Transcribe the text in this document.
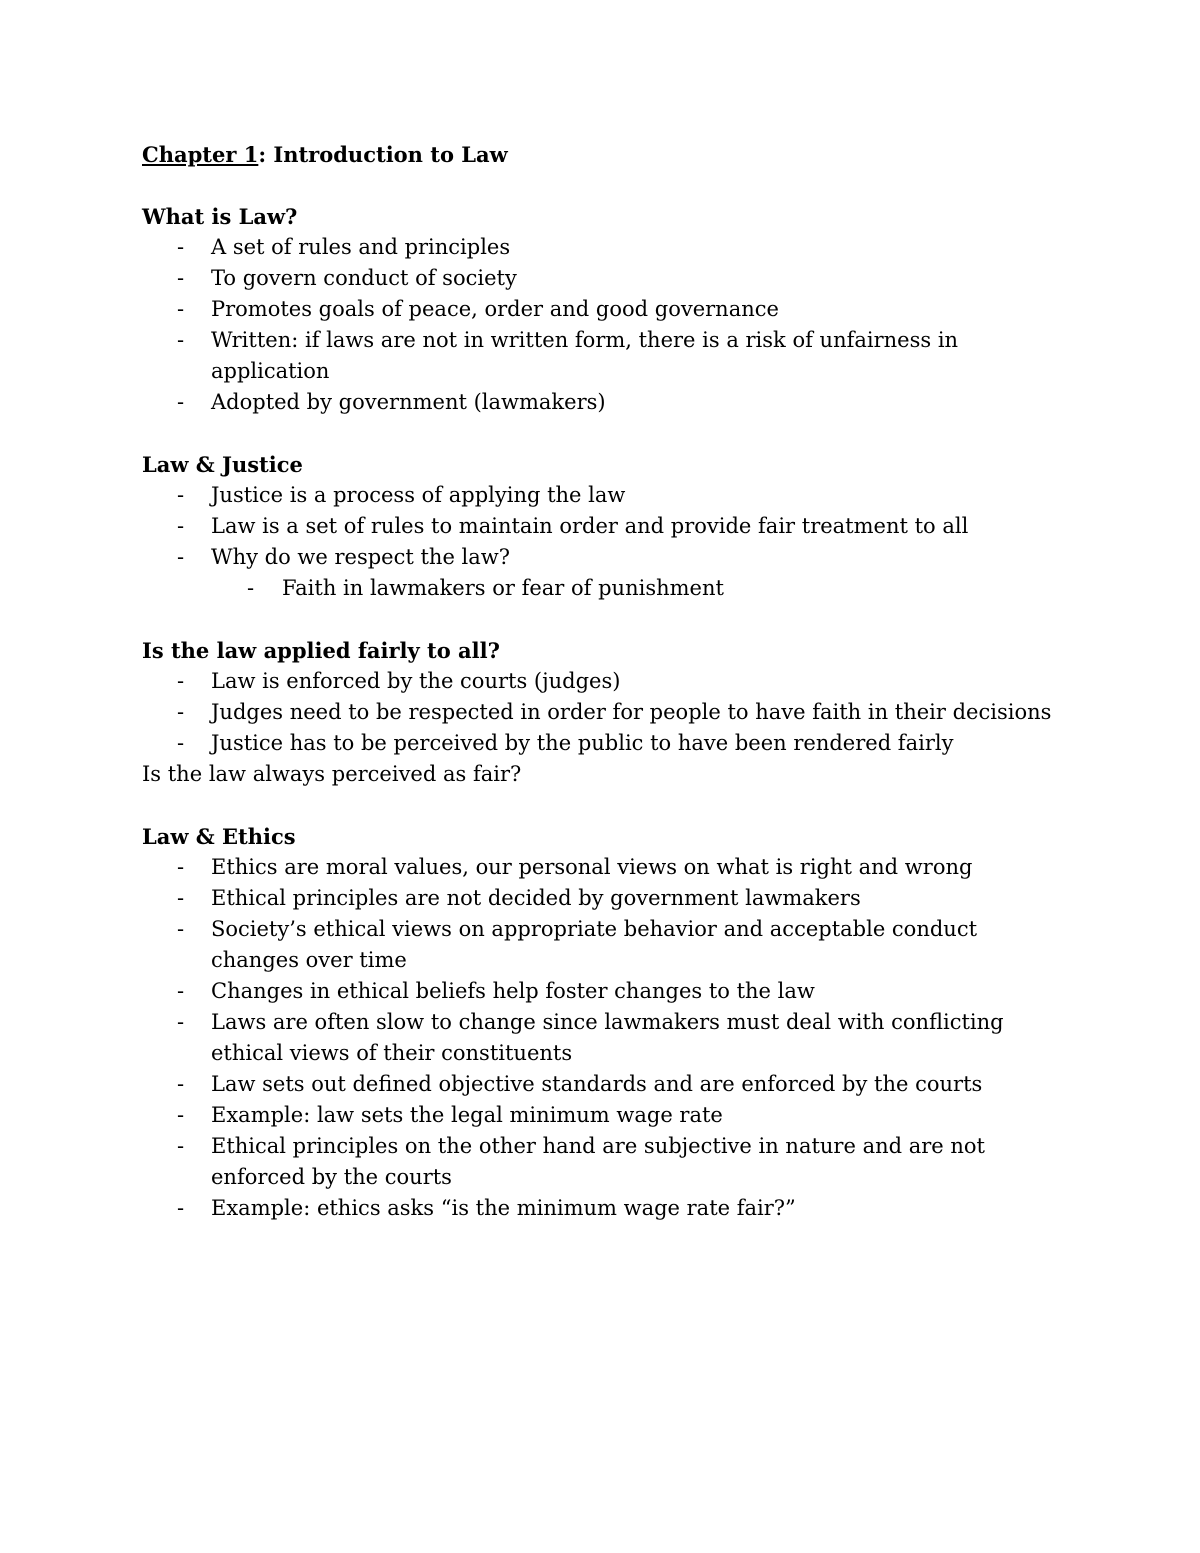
Chapter 1: Introduction to Law

What is Law?

- A set of rules and principles
- To govern conduct of society
- Promotes goals of peace, order and good governance
- Written: if laws are not in written form, there is a risk of unfairness in application
- Adopted by government (lawmakers)

Law & Justice

- Justice is a process of applying the law
- Law is a set of rules to maintain order and provide fair treatment to all
- Why do we respect the law?
- Faith in lawmakers or fear of punishment

Is the law applied fairly to all?

- Law is enforced by the courts (judges)
- Judges need to be respected in order for people to have faith in their decisions
- Justice has to be perceived by the public to have been rendered fairly

Is the law always perceived as fair?

Law & Ethics

- Ethics are moral values, our personal views on what is right and wrong
- Ethical principles are not decided by government lawmakers
- Society’s ethical views on appropriate behavior and acceptable conduct changes over time
- Changes in ethical beliefs help foster changes to the law
- Laws are often slow to change since lawmakers must deal with conflicting ethical views of their constituents
- Law sets out defined objective standards and are enforced by the courts
- Example: law sets the legal minimum wage rate
- Ethical principles on the other hand are subjective in nature and are not enforced by the courts
- Example: ethics asks “is the minimum wage rate fair?”
